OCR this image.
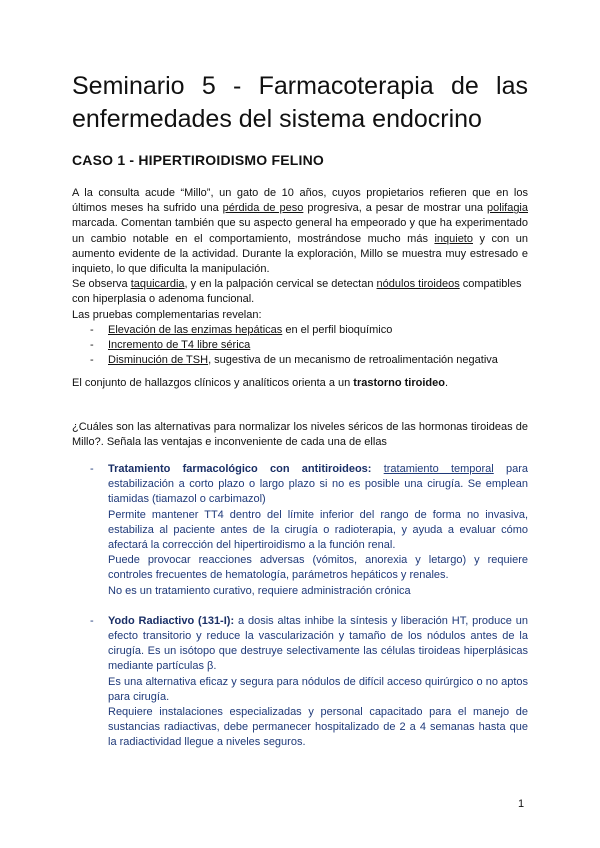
Seminario 5 - Farmacoterapia de las enfermedades del sistema endocrino
CASO 1 - HIPERTIROIDISMO FELINO

A la consulta acude “Millo”, un gato de 10 años, cuyos propietarios refieren que en los últimos meses ha sufrido una pérdida de peso progresiva, a pesar de mostrar una polifagia marcada. Comentan también que su aspecto general ha empeorado y que ha experimentado un cambio notable en el comportamiento, mostrándose mucho más inquieto y con un aumento evidente de la actividad. Durante la exploración, Millo se muestra muy estresado e inquieto, lo que dificulta la manipulación.

Se observa taquicardia, y en la palpación cervical se detectan nódulos tiroideos compatibles con hiperplasia o adenoma funcional.

Las pruebas complementarias revelan:

- Elevación de las enzimas hepáticas en el perfil bioquímico
- Incremento de T4 libre sérica
- Disminución de TSH, sugestiva de un mecanismo de retroalimentación negativa
El conjunto de hallazgos clínicos y analíticos orienta a un trastorno tiroideo.

¿Cuáles son las alternativas para normalizar los niveles séricos de las hormonas tiroideas de Millo?. Señala las ventajas e inconveniente de cada una de ellas

- Tratamiento farmacológico con antitiroideos: tratamiento temporal para estabilización a corto plazo o largo plazo si no es posible una cirugía. Se emplean tiamidas (tiamazol o carbimazol)

Permite mantener TT4 dentro del límite inferior del rango de forma no invasiva, estabiliza al paciente antes de la cirugía o radioterapia, y ayuda a evaluar cómo afectará la corrección del hipertiroidismo a la función renal.

Puede provocar reacciones adversas (vómitos, anorexia y letargo) y requiere controles frecuentes de hematología, parámetros hepáticos y renales.

No es un tratamiento curativo, requiere administración crónica

- Yodo Radiactivo (131-I): a dosis altas inhibe la síntesis y liberación HT, produce un efecto transitorio y reduce la vascularización y tamaño de los nódulos antes de la cirugía. Es un isótopo que destruye selectivamente las células tiroideas hiperplásicas mediante partículas β.

Es una alternativa eficaz y segura para nódulos de difícil acceso quirúrgico o no aptos para cirugía.

Requiere instalaciones especializadas y personal capacitado para el manejo de sustancias radiactivas, debe permanecer hospitalizado de 2 a 4 semanas hasta que la radiactividad llegue a niveles seguros.

1
